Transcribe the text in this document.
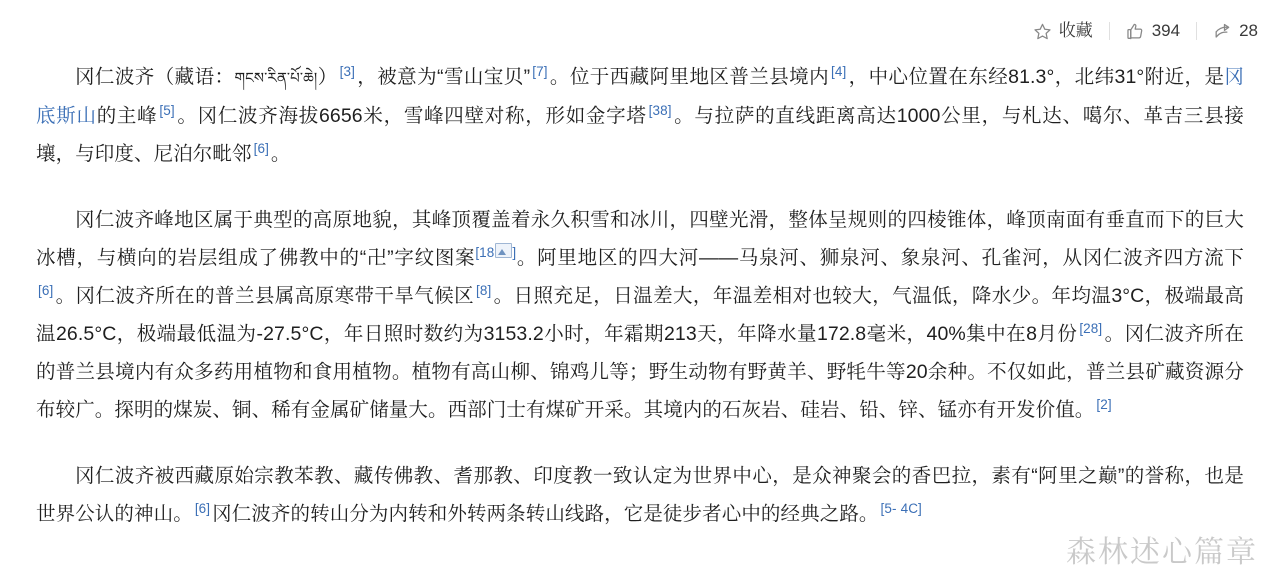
收藏	394	28

冈仁波齐（藏语：གངས་རིན་པོ་ཆེ།） [3] ，被意为“雪山宝贝” [7] 。位于西藏阿里地区普兰县境内 [4] ，中心位置在东经81.3°，北纬31°附近，是冈底斯山的主峰 [5] 。冈仁波齐海拔6656米，雪峰四壁对称，形如金字塔 [38] 。与拉萨的直线距离高达1000公里，与札达、噶尔、革吉三县接壤，与印度、尼泊尔毗邻 [6] 。

冈仁波齐峰地区属于典型的高原地貌，其峰顶覆盖着永久积雪和冰川，四壁光滑，整体呈规则的四棱锥体，峰顶南面有垂直而下的巨大冰槽，与横向的岩层组成了佛教中的“卍”字纹图案[18 ]。阿里地区的四大河——马泉河、狮泉河、象泉河、孔雀河，从冈仁波齐四方流下[6] 。冈仁波齐所在的普兰县属高原寒带干旱气候区 [8] 。日照充足，日温差大，年温差相对也较大，气温低，降水少。年均温3°C，极端最高温26.5°C，极端最低温为-27.5°C，年日照时数约为3153.2小时，年霜期213天，年降水量172.8毫米，40%集中在8月份 [28] 。冈仁波齐所在的普兰县境内有众多药用植物和食用植物。植物有高山柳、锦鸡儿等；野生动物有野黄羊、野牦牛等20余种。不仅如此，普兰县矿藏资源分布较广。探明的煤炭、铜、稀有金属矿储量大。西部门士有煤矿开采。其境内的石灰岩、硅岩、铅、锌、锰亦有开发价值。 [2]

冈仁波齐被西藏原始宗教苯教、藏传佛教、耆那教、印度教一致认定为世界中心，是众神聚会的香巴拉，素有“阿里之巅”的誉称，也是世界公认的神山。 [6] 冈仁波齐的转山分为内转和外转两条转山线路，它是徒步者心中的经典之路。 $^{[5-}$ $^{4C]}$

森林述心篇章
